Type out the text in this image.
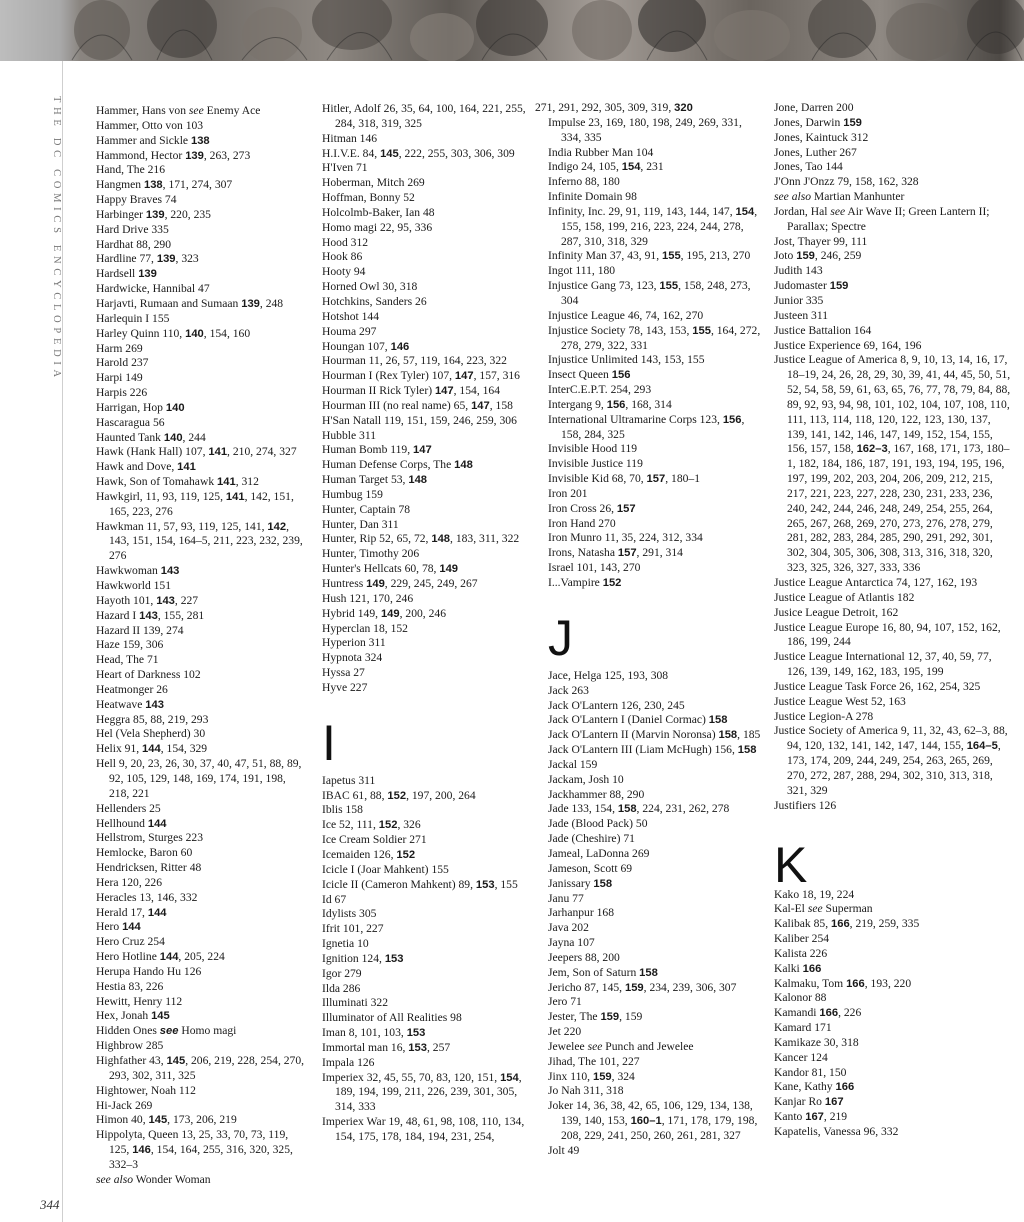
THE DC COMICS ENCYCLOPEDIA
344

Hammer, Hans von see Enemy Ace

Hammer, Otto von 103

Hammer and Sickle 138

Hammond, Hector 139, 263, 273

Hand, The 216

Hangmen 138, 171, 274, 307

Happy Braves 74

Harbinger 139, 220, 235

Hard Drive 335

Hardhat 88, 290

Hardline 77, 139, 323

Hardsell 139

Hardwicke, Hannibal 47

Harjavti, Rumaan and Sumaan 139, 248

Harlequin I 155

Harley Quinn 110, 140, 154, 160

Harm 269

Harold 237

Harpi 149

Harpis 226

Harrigan, Hop 140

Hascaragua 56

Haunted Tank 140, 244

Hawk (Hank Hall) 107, 141, 210, 274, 327

Hawk and Dove, 141

Hawk, Son of Tomahawk 141, 312

Hawkgirl, 11, 93, 119, 125, 141, 142, 151, 165, 223, 276

Hawkman 11, 57, 93, 119, 125, 141, 142, 143, 151, 154, 164–5, 211, 223, 232, 239, 276

Hawkwoman 143

Hawkworld 151

Hayoth 101, 143, 227

Hazard I 143, 155, 281

Hazard II 139, 274

Haze 159, 306

Head, The 71

Heart of Darkness 102

Heatmonger 26

Heatwave 143

Heggra 85, 88, 219, 293

Hel (Vela Shepherd) 30

Helix 91, 144, 154, 329

Hell 9, 20, 23, 26, 30, 37, 40, 47, 51, 88, 89, 92, 105, 129, 148, 169, 174, 191, 198, 218, 221

Hellenders 25

Hellhound 144

Hellstrom, Sturges 223

Hemlocke, Baron 60

Hendricksen, Ritter 48

Hera 120, 226

Heracles 13, 146, 332

Herald 17, 144

Hero 144

Hero Cruz 254

Hero Hotline 144, 205, 224

Herupa Hando Hu 126

Hestia 83, 226

Hewitt, Henry 112

Hex, Jonah 145

Hidden Ones see Homo magi

Highbrow 285

Highfather 43, 145, 206, 219, 228, 254, 270, 293, 302, 311, 325

Hightower, Noah 112

Hi-Jack 269

Himon 40, 145, 173, 206, 219

Hippolyta, Queen 13, 25, 33, 70, 73, 119, 125, 146, 154, 164, 255, 316, 320, 325, 332–3

see also Wonder Woman

Hitler, Adolf 26, 35, 64, 100, 164, 221, 255, 284, 318, 319, 325

Hitman 146

H.I.V.E. 84, 145, 222, 255, 303, 306, 309

H'Iven 71

Hoberman, Mitch 269

Hoffman, Bonny 52

Holcolmb-Baker, Ian 48

Homo magi 22, 95, 336

Hood 312

Hook 86

Hooty 94

Horned Owl 30, 318

Hotchkins, Sanders 26

Hotshot 144

Houma 297

Houngan 107, 146

Hourman 11, 26, 57, 119, 164, 223, 322

Hourman I (Rex Tyler) 107, 147, 157, 316

Hourman II Rick Tyler) 147, 154, 164

Hourman III (no real name) 65, 147, 158

H'San Natall 119, 151, 159, 246, 259, 306

Hubble 311

Human Bomb 119, 147

Human Defense Corps, The 148

Human Target 53, 148

Humbug 159

Hunter, Captain 78

Hunter, Dan 311

Hunter, Rip 52, 65, 72, 148, 183, 311, 322

Hunter, Timothy 206

Hunter's Hellcats 60, 78, 149

Huntress 149, 229, 245, 249, 267

Hush 121, 170, 246

Hybrid 149, 149, 200, 246

Hyperclan 18, 152

Hyperion 311

Hypnota 324

Hyssa 27

Hyve 227

I

Iapetus 311

IBAC 61, 88, 152, 197, 200, 264

Iblis 158

Ice 52, 111, 152, 326

Ice Cream Soldier 271

Icemaiden 126, 152

Icicle I (Joar Mahkent) 155

Icicle II (Cameron Mahkent) 89, 153, 155

Id 67

Idylists 305

Ifrit 101, 227

Ignetia 10

Ignition 124, 153

Igor 279

Ilda 286

Illuminati 322

Illuminator of All Realities 98

Iman 8, 101, 103, 153

Immortal man 16, 153, 257

Impala 126

Imperiex 32, 45, 55, 70, 83, 120, 151, 154, 189, 194, 199, 211, 226, 239, 301, 305, 314, 333

Imperiex War 19, 48, 61, 98, 108, 110, 134, 154, 175, 178, 184, 194, 231, 254,

271, 291, 292, 305, 309, 319, 320

Impulse 23, 169, 180, 198, 249, 269, 331, 334, 335

India Rubber Man 104

Indigo 24, 105, 154, 231

Inferno 88, 180

Infinite Domain 98

Infinity, Inc. 29, 91, 119, 143, 144, 147, 154, 155, 158, 199, 216, 223, 224, 244, 278, 287, 310, 318, 329

Infinity Man 37, 43, 91, 155, 195, 213, 270

Ingot 111, 180

Injustice Gang 73, 123, 155, 158, 248, 273, 304

Injustice League 46, 74, 162, 270

Injustice Society 78, 143, 153, 155, 164, 272, 278, 279, 322, 331

Injustice Unlimited 143, 153, 155

Insect Queen 156

InterC.E.P.T. 254, 293

Intergang 9, 156, 168, 314

International Ultramarine Corps 123, 156, 158, 284, 325

Invisible Hood 119

Invisible Justice 119

Invisible Kid 68, 70, 157, 180–1

Iron 201

Iron Cross 26, 157

Iron Hand 270

Iron Munro 11, 35, 224, 312, 334

Irons, Natasha 157, 291, 314

Israel 101, 143, 270

I...Vampire 152

J

Jace, Helga 125, 193, 308

Jack 263

Jack O'Lantern 126, 230, 245

Jack O'Lantern I (Daniel Cormac) 158

Jack O'Lantern II (Marvin Noronsa) 158, 185

Jack O'Lantern III (Liam McHugh) 156, 158

Jackal 159

Jackam, Josh 10

Jackhammer 88, 290

Jade 133, 154, 158, 224, 231, 262, 278

Jade (Blood Pack) 50

Jade (Cheshire) 71

Jameal, LaDonna 269

Jameson, Scott 69

Janissary 158

Janu 77

Jarhanpur 168

Java 202

Jayna 107

Jeepers 88, 200

Jem, Son of Saturn 158

Jericho 87, 145, 159, 234, 239, 306, 307

Jero 71

Jester, The 159, 159

Jet 220

Jewelee see Punch and Jewelee

Jihad, The 101, 227

Jinx 110, 159, 324

Jo Nah 311, 318

Joker 14, 36, 38, 42, 65, 106, 129, 134, 138, 139, 140, 153, 160–1, 171, 178, 179, 198, 208, 229, 241, 250, 260, 261, 281, 327

Jolt 49

Jone, Darren 200

Jones, Darwin 159

Jones, Kaintuck 312

Jones, Luther 267

Jones, Tao 144

J'Onn J'Onzz 79, 158, 162, 328

see also Martian Manhunter

Jordan, Hal see Air Wave II; Green Lantern II; Parallax; Spectre

Jost, Thayer 99, 111

Joto 159, 246, 259

Judith 143

Judomaster 159

Junior 335

Justeen 311

Justice Battalion 164

Justice Experience 69, 164, 196

Justice League of America 8, 9, 10, 13, 14, 16, 17, 18–19, 24, 26, 28, 29, 30, 39, 41, 44, 45, 50, 51, 52, 54, 58, 59, 61, 63, 65, 76, 77, 78, 79, 84, 88, 89, 92, 93, 94, 98, 101, 102, 104, 107, 108, 110, 111, 113, 114, 118, 120, 122, 123, 130, 137, 139, 141, 142, 146, 147, 149, 152, 154, 155, 156, 157, 158, 162–3, 167, 168, 171, 173, 180–1, 182, 184, 186, 187, 191, 193, 194, 195, 196, 197, 199, 202, 203, 204, 206, 209, 212, 215, 217, 221, 223, 227, 228, 230, 231, 233, 236, 240, 242, 244, 246, 248, 249, 254, 255, 264, 265, 267, 268, 269, 270, 273, 276, 278, 279, 281, 282, 283, 284, 285, 290, 291, 292, 301, 302, 304, 305, 306, 308, 313, 316, 318, 320, 323, 325, 326, 327, 333, 336

Justice League Antarctica 74, 127, 162, 193

Justice League of Atlantis 182

Jusice League Detroit, 162

Justice League Europe 16, 80, 94, 107, 152, 162, 186, 199, 244

Justice League International 12, 37, 40, 59, 77, 126, 139, 149, 162, 183, 195, 199

Justice League Task Force 26, 162, 254, 325

Justice League West 52, 163

Justice Legion-A 278

Justice Society of America 9, 11, 32, 43, 62–3, 88, 94, 120, 132, 141, 142, 147, 144, 155, 164–5, 173, 174, 209, 244, 249, 254, 263, 265, 269, 270, 272, 287, 288, 294, 302, 310, 313, 318, 321, 329

Justifiers 126

K

Kako 18, 19, 224

Kal-El see Superman

Kalibak 85, 166, 219, 259, 335

Kaliber 254

Kalista 226

Kalki 166

Kalmaku, Tom 166, 193, 220

Kalonor 88

Kamandi 166, 226

Kamard 171

Kamikaze 30, 318

Kancer 124

Kandor 81, 150

Kane, Kathy 166

Kanjar Ro 167

Kanto 167, 219

Kapatelis, Vanessa 96, 332
